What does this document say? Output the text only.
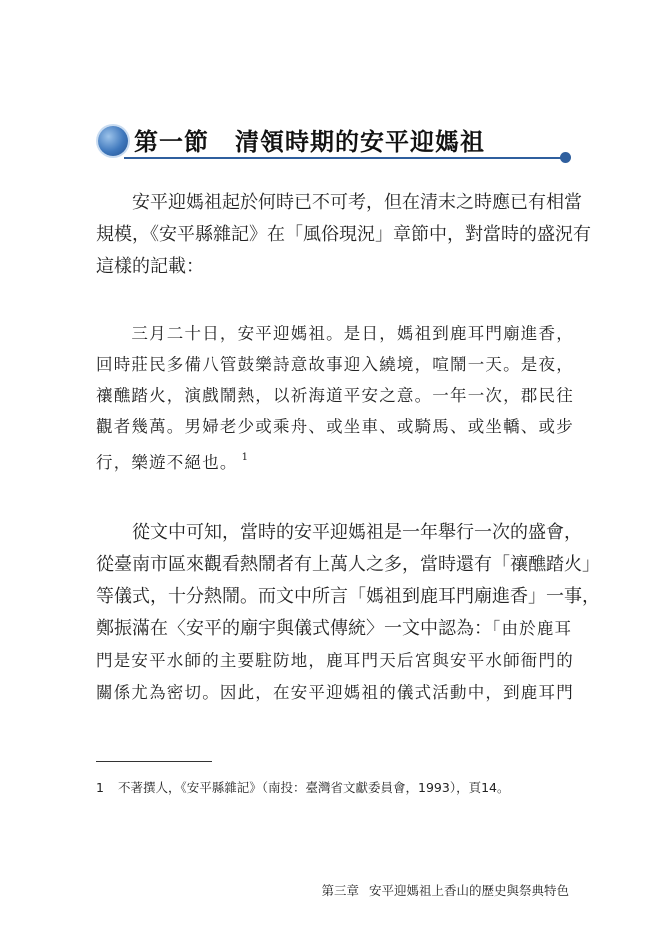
第一節 清領時期的安平迎媽祖
　　安平迎媽祖起於何時已不可考，但在清末之時應已有相當
規模，《安平縣雜記》在「風俗現況」章節中，對當時的盛況有
這樣的記載：
　　三月二十日，安平迎媽祖。是日，媽祖到鹿耳門廟進香，
回時莊民多備八管鼓樂詩意故事迎入繞境，喧鬧一天。是夜，
禳醮踏火，演戲鬧熱，以祈海道平安之意。一年一次，郡民往
觀者幾萬。男婦老少或乘舟、或坐車、或騎馬、或坐轎、或步
行，樂遊不絕也。 $^1$
　　從文中可知，當時的安平迎媽祖是一年舉行一次的盛會，
從臺南市區來觀看熱鬧者有上萬人之多，當時還有「禳醮踏火」
等儀式，十分熱鬧。而文中所言「媽祖到鹿耳門廟進香」一事，
鄭振滿在〈安平的廟宇與儀式傳統〉一文中認為：「由於鹿耳
門是安平水師的主要駐防地，鹿耳門天后宮與安平水師衙門的
關係尤為密切。因此，在安平迎媽祖的儀式活動中，到鹿耳門
1 不著撰人，《安平縣雜記》（南投：臺灣省文獻委員會，1993），頁14。
第三章 安平迎媽祖上香山的歷史與祭典特色
